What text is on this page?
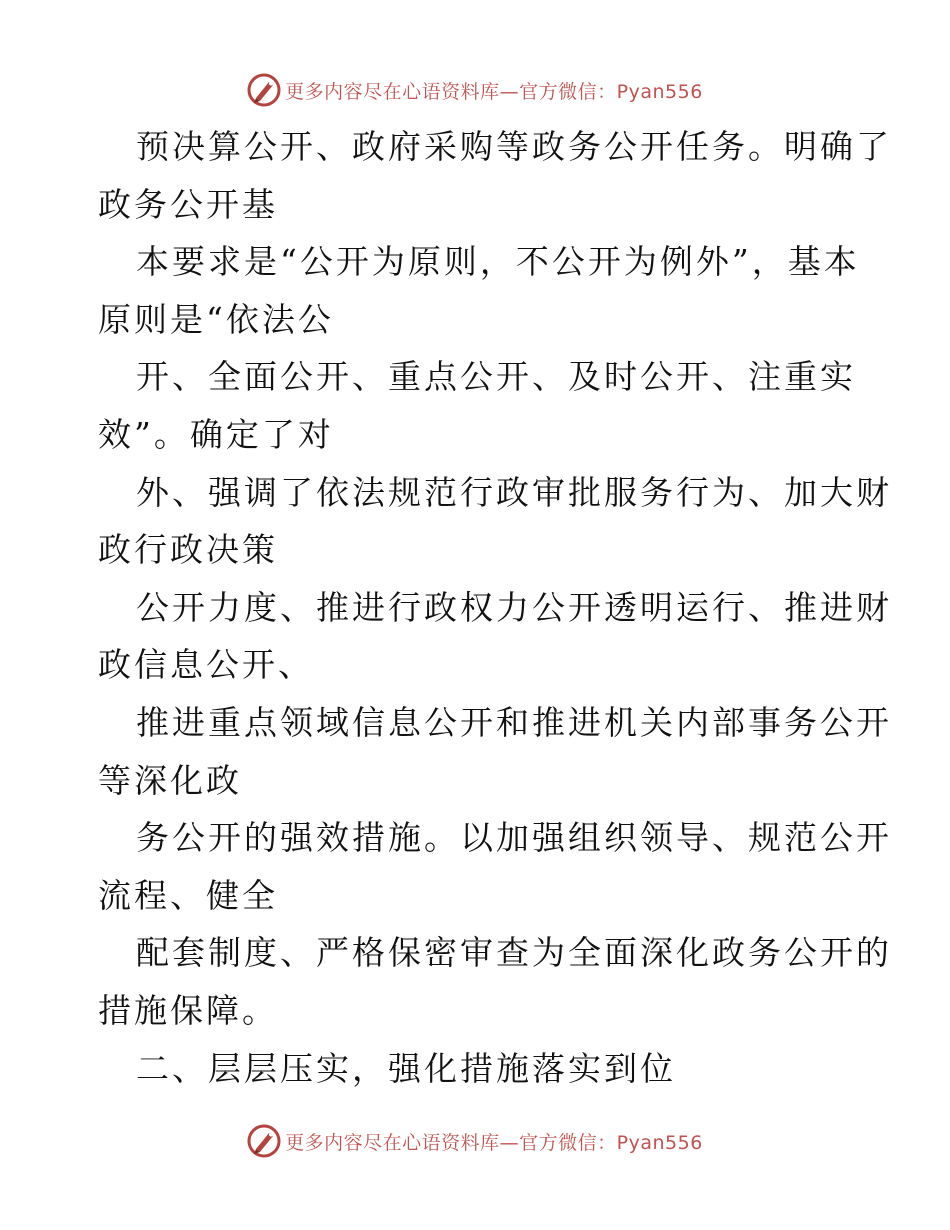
更多内容尽在心语资料库—官方微信：Pyan556
预决算公开、政府采购等政务公开任务。明确了
政务公开基
本要求是“公开为原则，不公开为例外”，基本
原则是“依法公
开、全面公开、重点公开、及时公开、注重实
效”。确定了对
外、强调了依法规范行政审批服务行为、加大财
政行政决策
公开力度、推进行政权力公开透明运行、推进财
政信息公开、
推进重点领域信息公开和推进机关内部事务公开
等深化政
务公开的强效措施。以加强组织领导、规范公开
流程、健全
配套制度、严格保密审查为全面深化政务公开的
措施保障。
二、层层压实，强化措施落实到位
更多内容尽在心语资料库—官方微信：Pyan556
